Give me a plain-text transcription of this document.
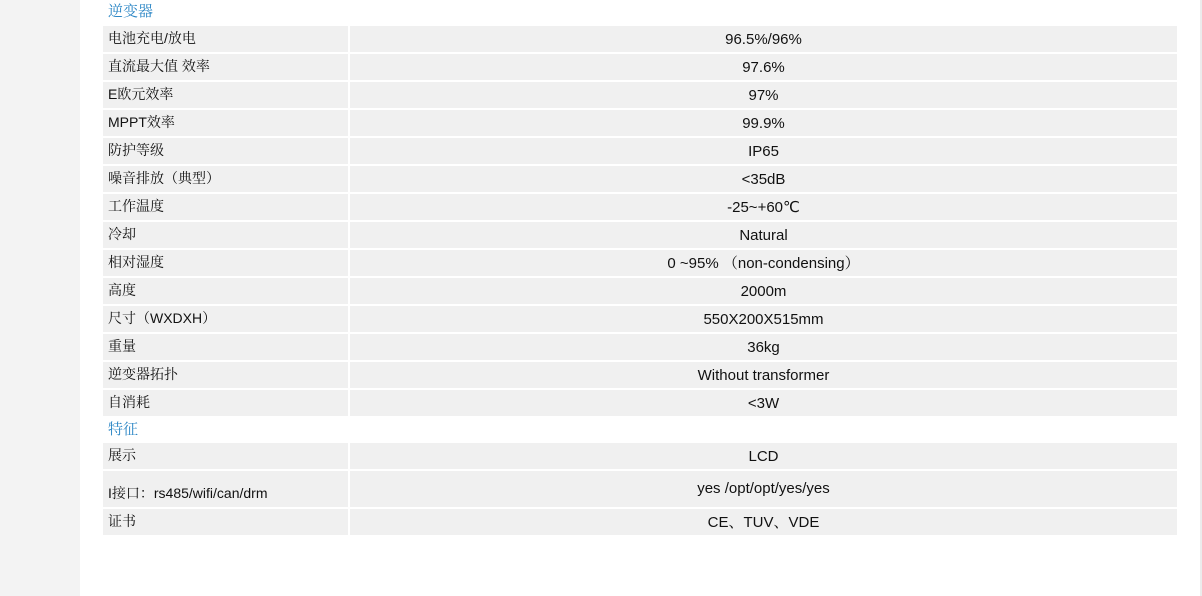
逆变器
电池充电/放电	96.5%/96%
直流最大值 效率	97.6%
E欧元效率	97%
MPPT效率	99.9%
防护等级	IP65
噪音排放（典型）	<35dB
工作温度	-25~+60℃
冷却	Natural
相对湿度	0 ~95% （non-condensing）
高度	2000m
尺寸（WXDXH）	550X200X515mm
重量	36kg
逆变器拓扑	Without transformer
自消耗	<3W
特征
展示	LCD
I接口：rs485/wifi/can/drm	yes /opt/opt/yes/yes
证书	CE、TUV、VDE
